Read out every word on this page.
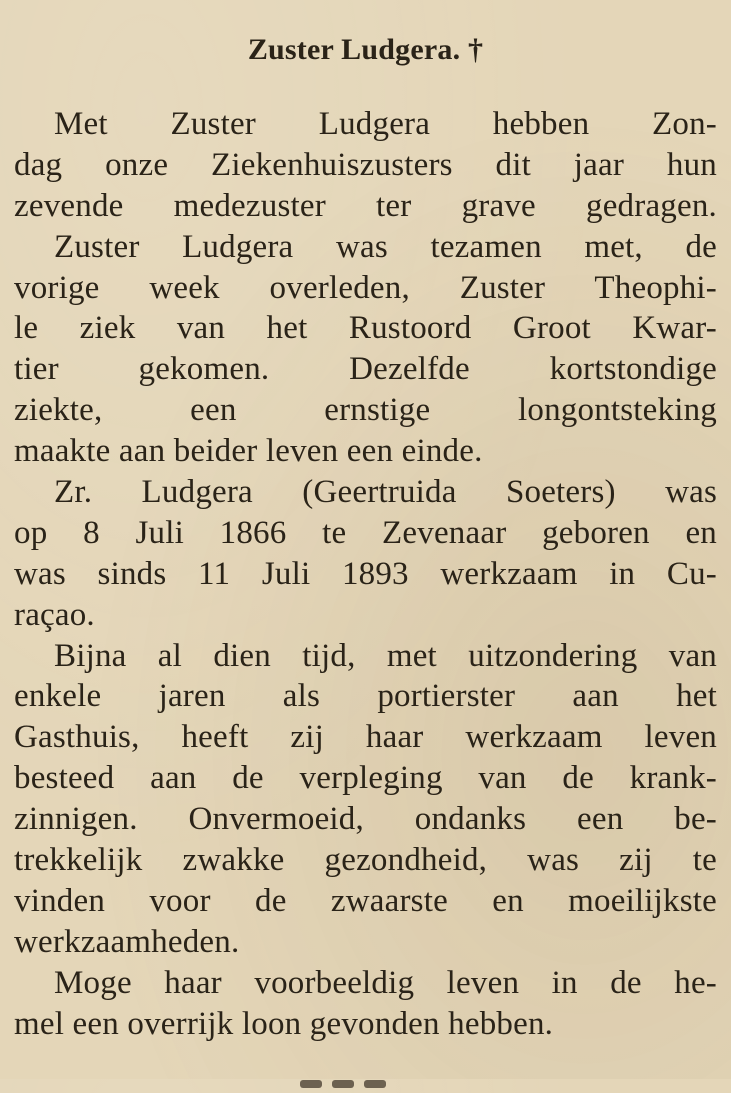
Zuster Ludgera. †
Met Zuster Ludgera hebben Zon-
dag onze Ziekenhuiszusters dit jaar hun
zevende medezuster ter grave gedragen.
Zuster Ludgera was tezamen met, de
vorige week overleden, Zuster Theophi-
le ziek van het Rustoord Groot Kwar-
tier gekomen. Dezelfde kortstondige
ziekte, een ernstige longontsteking
maakte aan beider leven een einde.
Zr. Ludgera (Geertruida Soeters) was
op 8 Juli 1866 te Zevenaar geboren en
was sinds 11 Juli 1893 werkzaam in Cu-
raçao.
Bijna al dien tijd, met uitzondering van
enkele jaren als portierster aan het
Gasthuis, heeft zij haar werkzaam leven
besteed aan de verpleging van de krank-
zinnigen. Onvermoeid, ondanks een be-
trekkelijk zwakke gezondheid, was zij te
vinden voor de zwaarste en moeilijkste
werkzaamheden.
Moge haar voorbeeldig leven in de he-
mel een overrijk loon gevonden hebben.
